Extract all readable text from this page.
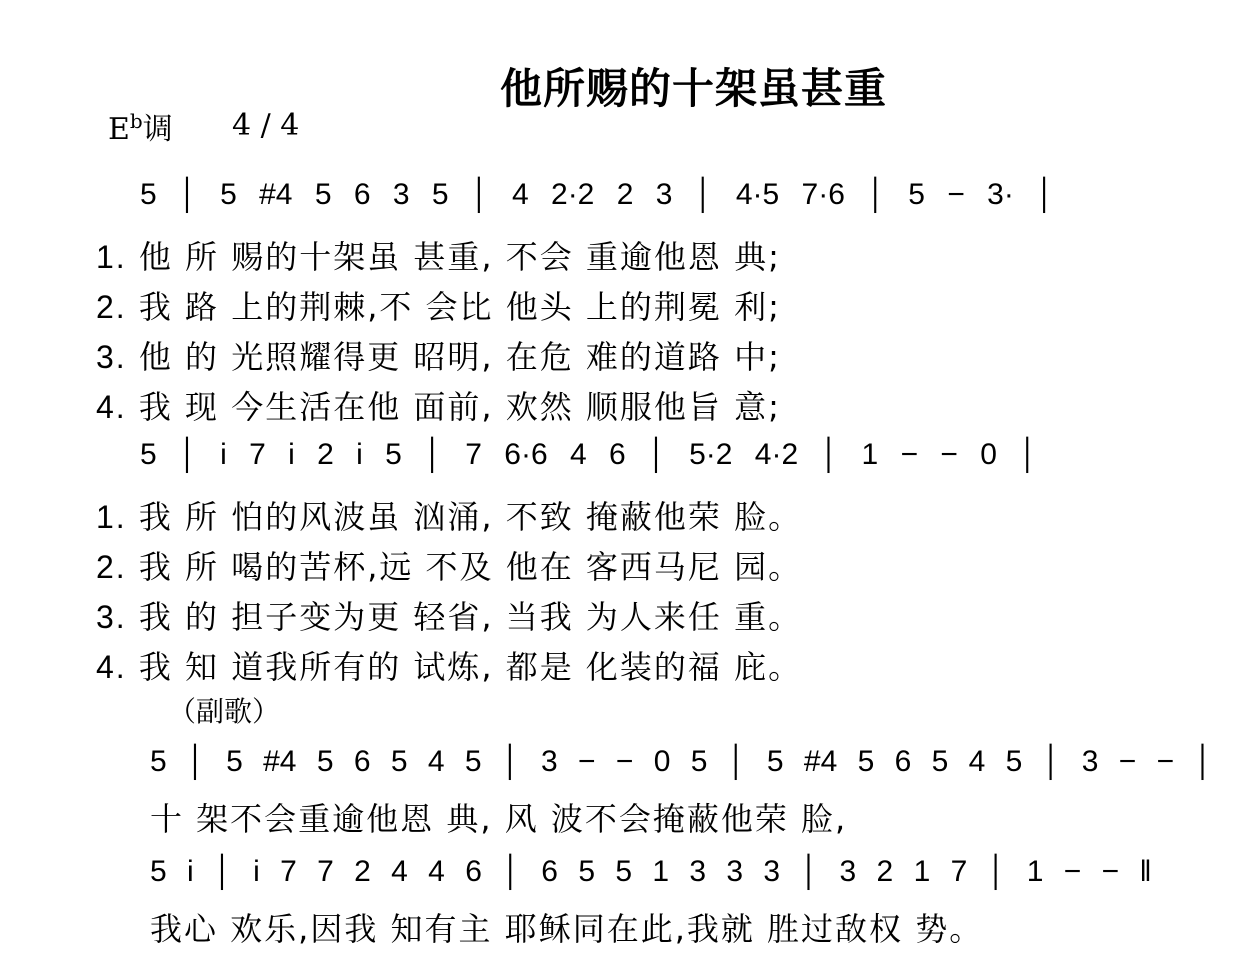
他所赐的十架虽甚重
$E^b$调 4 / 4
5 │ 5 #4 5 6 3 5 │ 4 2·2 2 3 │ 4·5 7·6 │ 5 − 3· │
1. 他 所 赐的十架虽 甚重, 不会 重逾他恩 典;
2. 我 路 上的荆棘,不 会比 他头 上的荆冕 利;
3. 他 的 光照耀得更 昭明, 在危 难的道路 中;
4. 我 现 今生活在他 面前, 欢然 顺服他旨 意;
5 │ i 7 i 2 i 5 │ 7 6·6 4 6 │ 5·2 4·2 │ 1 − − 0 │
1. 我 所 怕的风波虽 汹涌, 不致 掩蔽他荣 脸。
2. 我 所 喝的苦杯,远 不及 他在 客西马尼 园。
3. 我 的 担子变为更 轻省, 当我 为人来任 重。
4. 我 知 道我所有的 试炼, 都是 化装的福 庇。
（副歌）
5 │ 5 #4 5 6 5 4 5 │ 3 − − 0 5 │ 5 #4 5 6 5 4 5 │ 3 − − │
十 架不会重逾他恩 典, 风 波不会掩蔽他荣 脸,
5 i │ i 7 7 2 4 4 6 │ 6 5 5 1 3 3 3 │ 3 2 1 7 │ 1 − − ‖
我心 欢乐,因我 知有主 耶稣同在此,我就 胜过敌权 势。
